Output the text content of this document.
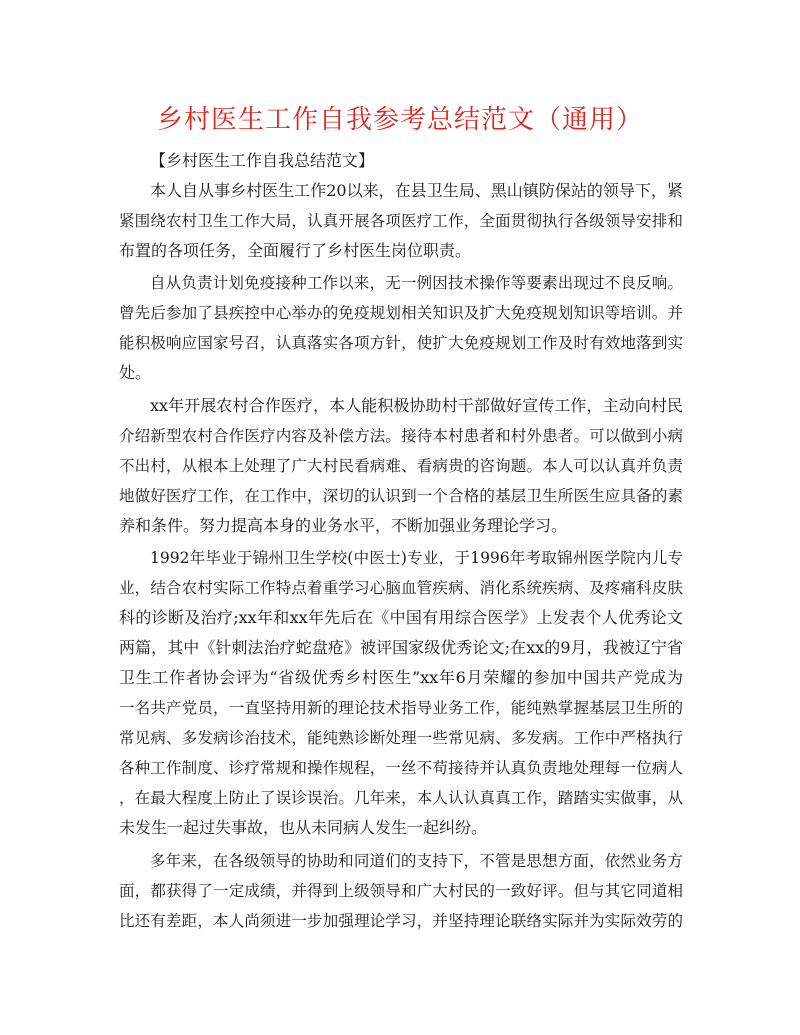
乡村医生工作自我参考总结范文（通用）
【乡村医生工作自我总结范文】
本人自从事乡村医生工作20以来，在县卫生局、黑山镇防保站的领导下，紧
紧围绕农村卫生工作大局，认真开展各项医疗工作，全面贯彻执行各级领导安排和
布置的各项任务，全面履行了乡村医生岗位职责。
自从负责计划免疫接种工作以来，无一例因技术操作等要素出现过不良反响。
曾先后参加了县疾控中心举办的免疫规划相关知识及扩大免疫规划知识等培训。并
能积极响应国家号召，认真落实各项方针，使扩大免疫规划工作及时有效地落到实
处。
xx年开展农村合作医疗，本人能积极协助村干部做好宣传工作，主动向村民
介绍新型农村合作医疗内容及补偿方法。接待本村患者和村外患者。可以做到小病
不出村，从根本上处理了广大村民看病难、看病贵的咨询题。本人可以认真并负责
地做好医疗工作，在工作中，深切的认识到一个合格的基层卫生所医生应具备的素
养和条件。努力提高本身的业务水平，不断加强业务理论学习。
1992年毕业于锦州卫生学校(中医士)专业，于1996年考取锦州医学院内儿专
业，结合农村实际工作特点着重学习心脑血管疾病、消化系统疾病、及疼痛科皮肤
科的诊断及治疗;xx年和xx年先后在《中国有用综合医学》上发表个人优秀论文
两篇，其中《针刺法治疗蛇盘疮》被评国家级优秀论文;在xx的9月，我被辽宁省
卫生工作者协会评为“省级优秀乡村医生”xx年6月荣耀的参加中国共产党成为
一名共产党员，一直坚持用新的理论技术指导业务工作，能纯熟掌握基层卫生所的
常见病、多发病诊治技术，能纯熟诊断处理一些常见病、多发病。工作中严格执行
各种工作制度、诊疗常规和操作规程，一丝不苟接待并认真负责地处理每一位病人
，在最大程度上防止了误诊误治。几年来，本人认认真真工作，踏踏实实做事，从
未发生一起过失事故，也从未同病人发生一起纠纷。
多年来，在各级领导的协助和同道们的支持下，不管是思想方面，依然业务方
面，都获得了一定成绩，并得到上级领导和广大村民的一致好评。但与其它同道相
比还有差距，本人尚须进一步加强理论学习，并坚持理论联络实际并为实际效劳的
